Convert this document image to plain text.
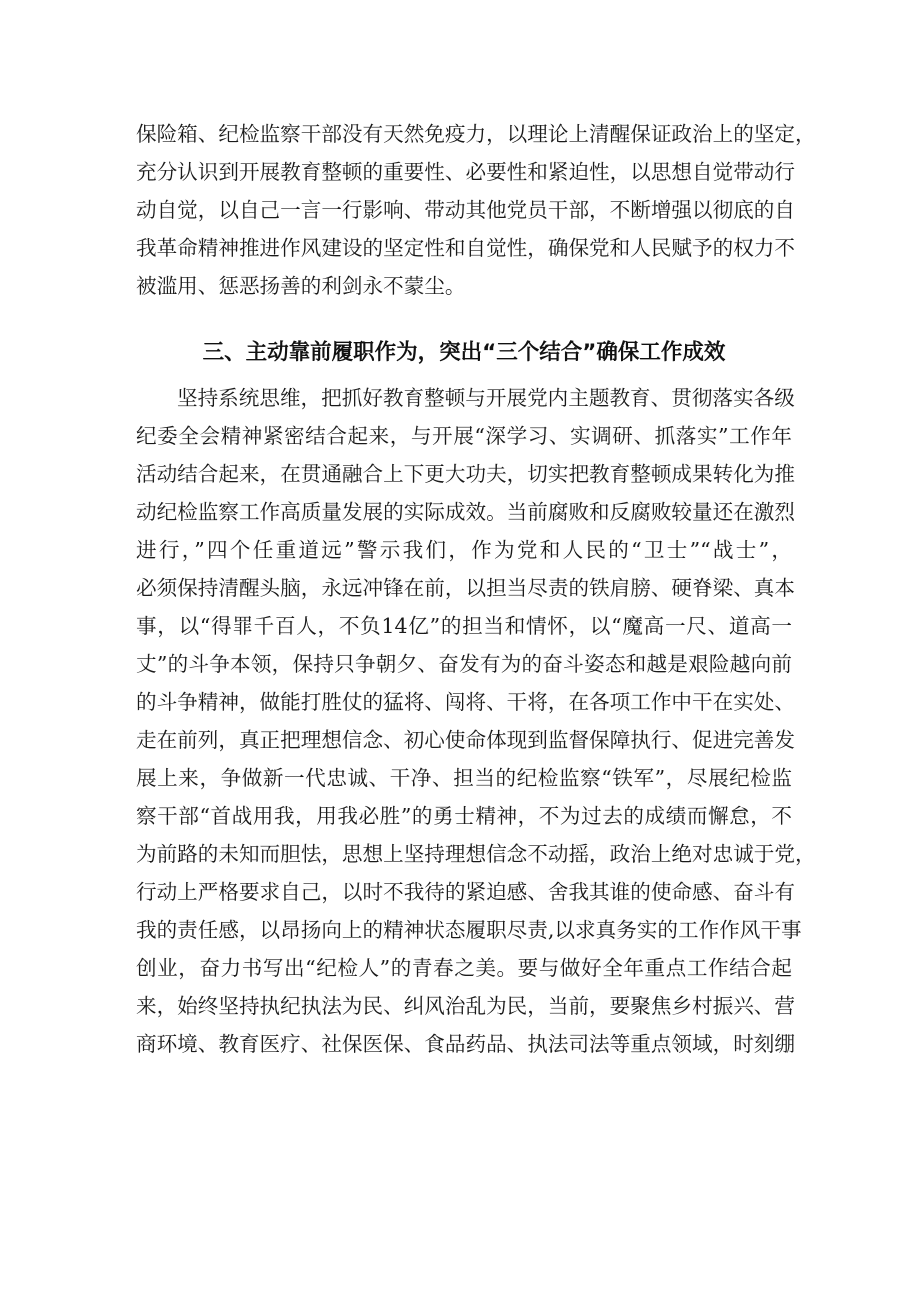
保险箱、纪检监察干部没有天然免疫力，以理论上清醒保证政治上的坚定，
充分认识到开展教育整顿的重要性、必要性和紧迫性，以思想自觉带动行
动自觉，以自己一言一行影响、带动其他党员干部，不断增强以彻底的自
我革命精神推进作风建设的坚定性和自觉性，确保党和人民赋予的权力不
被滥用、惩恶扬善的利剑永不蒙尘。
三、主动靠前履职作为，突出“三个结合”确保工作成效
坚持系统思维，把抓好教育整顿与开展党内主题教育、贯彻落实各级
纪委全会精神紧密结合起来，与开展“深学习、实调研、抓落实”工作年
活动结合起来，在贯通融合上下更大功夫，切实把教育整顿成果转化为推
动纪检监察工作高质量发展的实际成效。当前腐败和反腐败较量还在激烈
进行，”四个任重道远”警示我们，作为党和人民的“卫士”“战士”，
必须保持清醒头脑，永远冲锋在前，以担当尽责的铁肩膀、硬脊梁、真本
事，以“得罪千百人，不负14亿”的担当和情怀，以“魔高一尺、道高一
丈”的斗争本领，保持只争朝夕、奋发有为的奋斗姿态和越是艰险越向前
的斗争精神，做能打胜仗的猛将、闯将、干将，在各项工作中干在实处、
走在前列，真正把理想信念、初心使命体现到监督保障执行、促进完善发
展上来，争做新一代忠诚、干净、担当的纪检监察“铁军”，尽展纪检监
察干部“首战用我，用我必胜”的勇士精神，不为过去的成绩而懈怠，不
为前路的未知而胆怯，思想上坚持理想信念不动摇，政治上绝对忠诚于党，
行动上严格要求自己，以时不我待的紧迫感、舍我其谁的使命感、奋斗有
我的责任感，以昂扬向上的精神状态履职尽责,以求真务实的工作作风干事
创业，奋力书写出“纪检人”的青春之美。要与做好全年重点工作结合起
来，始终坚持执纪执法为民、纠风治乱为民，当前，要聚焦乡村振兴、营
商环境、教育医疗、社保医保、食品药品、执法司法等重点领域，时刻绷
